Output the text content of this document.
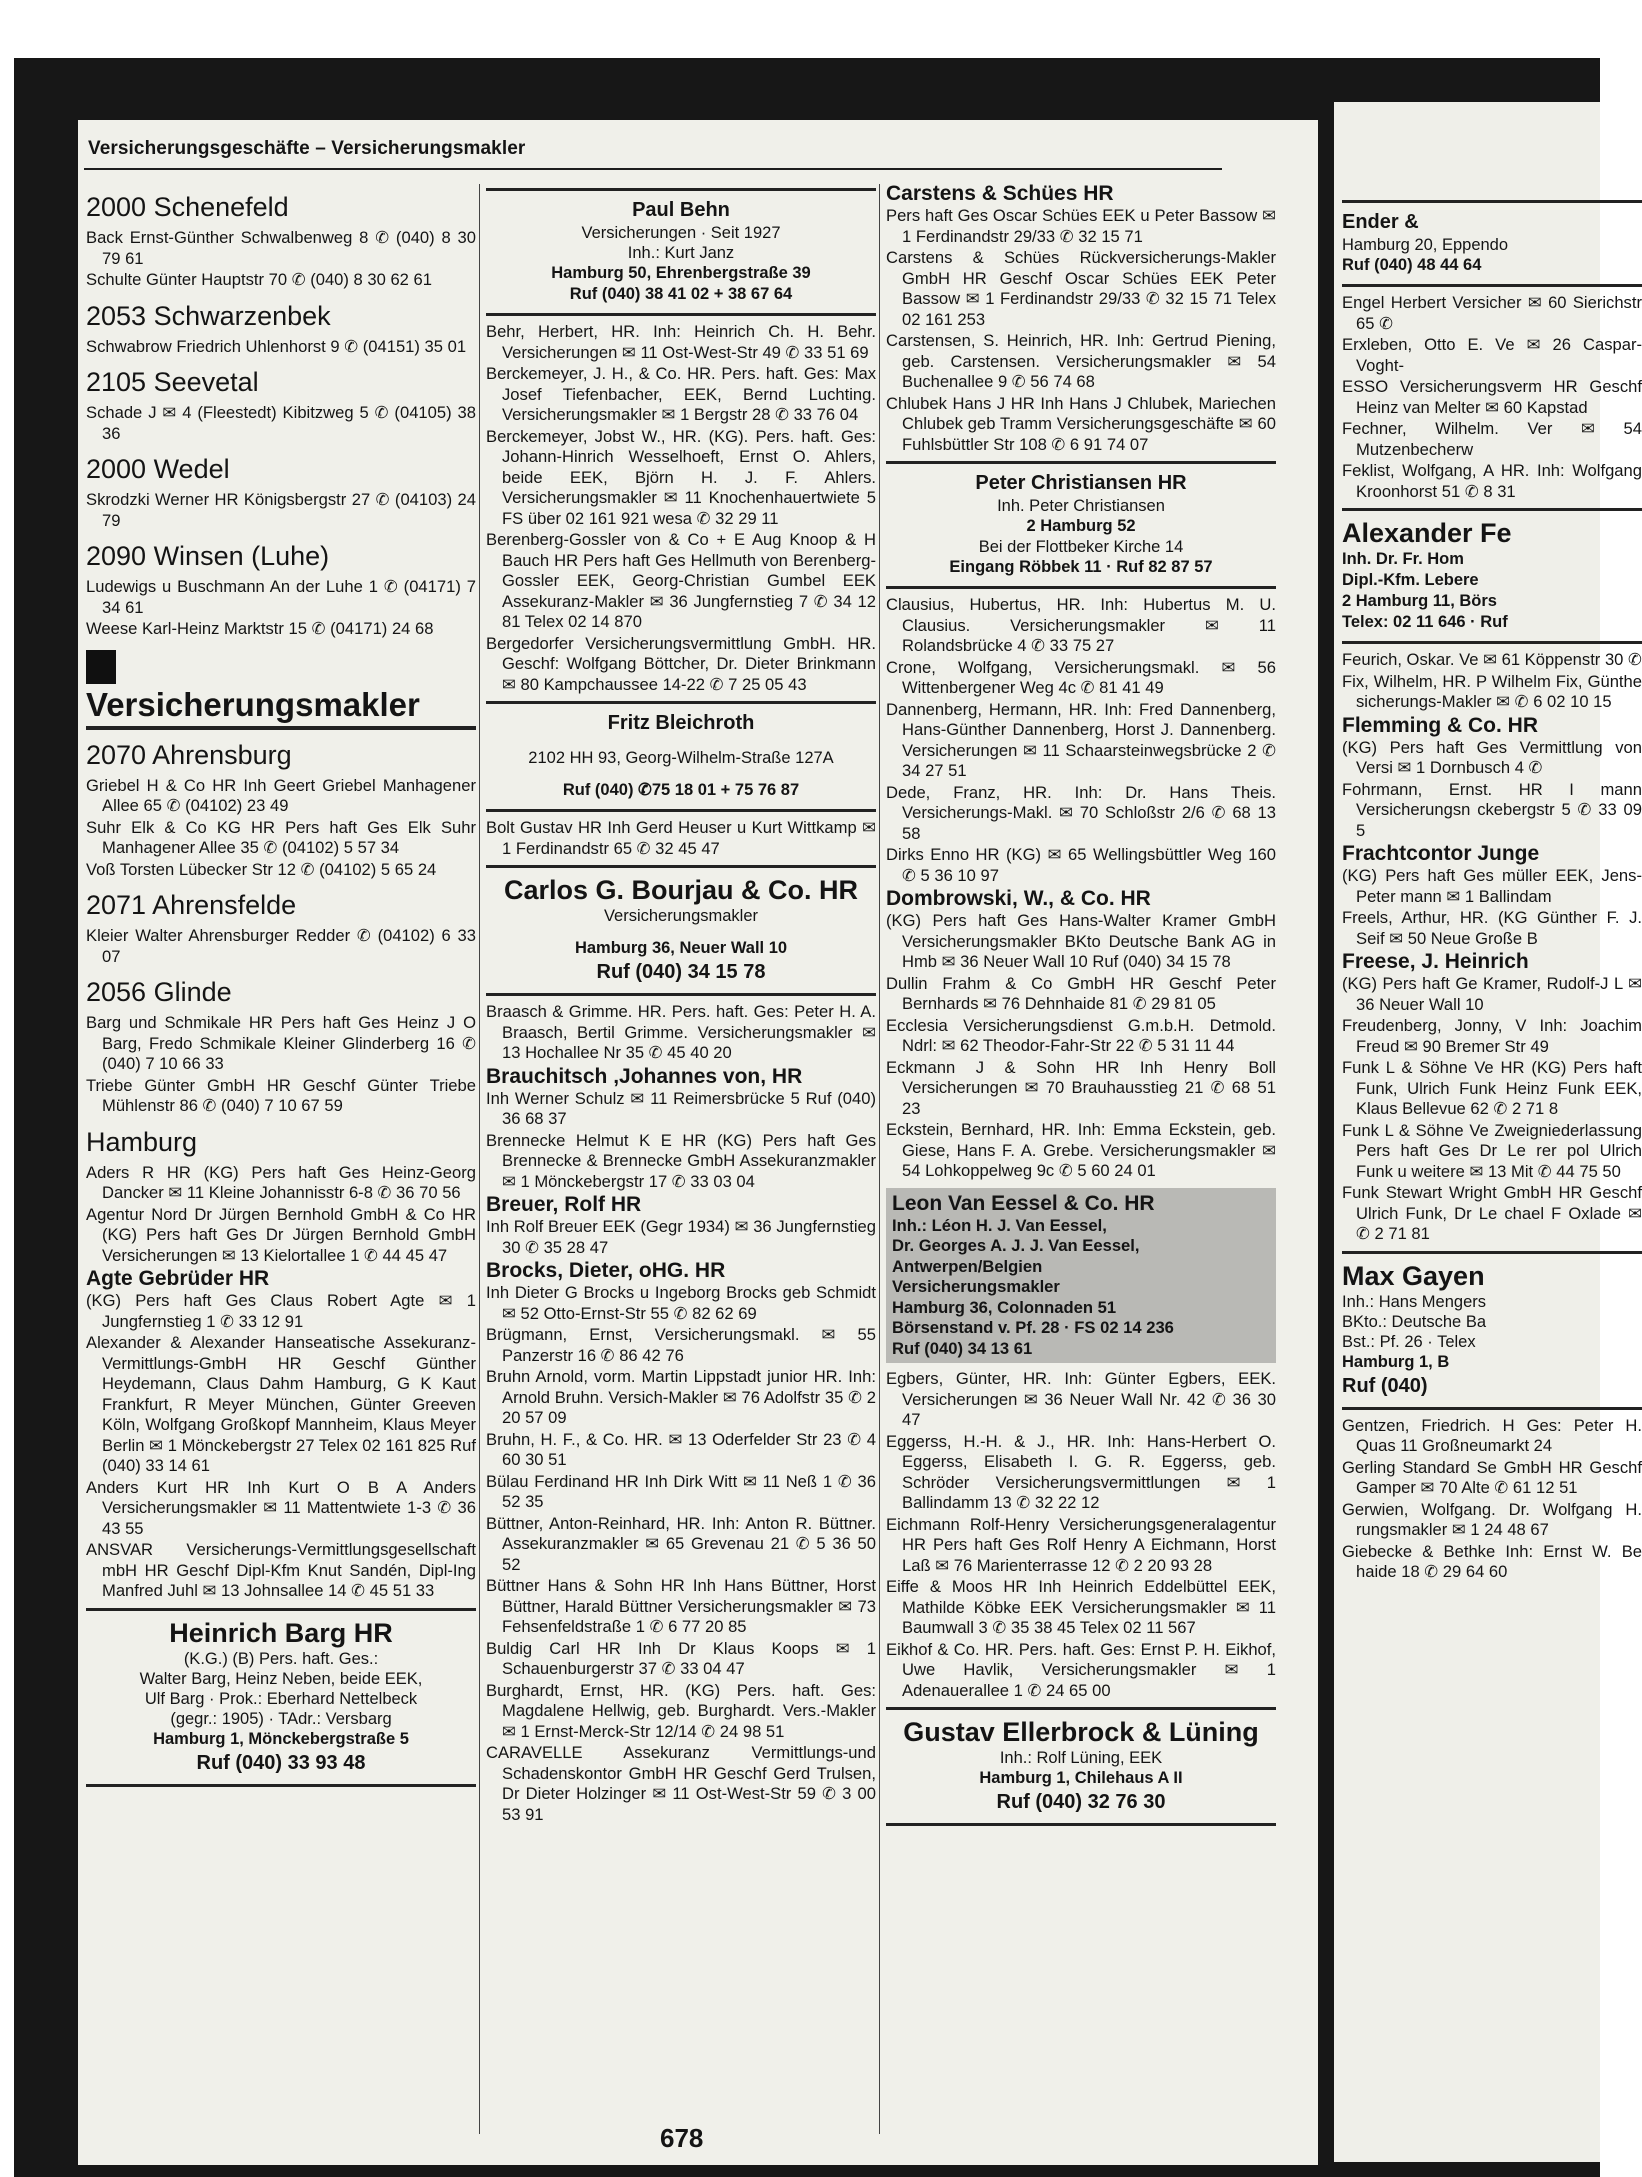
Versicherungsgeschäfte – Versicherungsmakler
2000 Schenefeld
Back Ernst-Günther Schwalbenweg 8 ✆ (040) 8 30 79 61
Schulte Günter Hauptstr 70 ✆ (040) 8 30 62 61
2053 Schwarzenbek
Schwabrow Friedrich Uhlenhorst 9 ✆ (04151) 35 01
2105 Seevetal
Schade J ✉ 4 (Fleestedt) Kibitzweg 5 ✆ (04105) 38 36
2000 Wedel
Skrodzki Werner HR Königsbergstr 27 ✆ (04103) 24 79
2090 Winsen (Luhe)
Ludewigs u Buschmann An der Luhe 1 ✆ (04171) 7 34 61
Weese Karl-Heinz Marktstr 15 ✆ (04171) 24 68
Versicherungsmakler
2070 Ahrensburg
Griebel H & Co HR Inh Geert Griebel Manhagener Allee 65 ✆ (04102) 23 49
Suhr Elk & Co KG HR Pers haft Ges Elk Suhr Manhagener Allee 35 ✆ (04102) 5 57 34
Voß Torsten Lübecker Str 12 ✆ (04102) 5 65 24
2071 Ahrensfelde
Kleier Walter Ahrensburger Redder ✆ (04102) 6 33 07
2056 Glinde
Barg und Schmikale HR Pers haft Ges Heinz J O Barg, Fredo Schmikale Kleiner Glinderberg 16 ✆ (040) 7 10 66 33
Triebe Günter GmbH HR Geschf Günter Triebe Mühlenstr 86 ✆ (040) 7 10 67 59
Hamburg
Aders R HR (KG) Pers haft Ges Heinz-Georg Dancker ✉ 11 Kleine Johannisstr 6-8 ✆ 36 70 56
Agentur Nord Dr Jürgen Bernhold GmbH & Co HR (KG) Pers haft Ges Dr Jürgen Bernhold GmbH Versicherungen ✉ 13 Kielortallee 1 ✆ 44 45 47
Agte Gebrüder HR
(KG) Pers haft Ges Claus Robert Agte ✉ 1 Jungfernstieg 1 ✆ 33 12 91
Alexander & Alexander Hanseatische Assekuranz-Vermittlungs-GmbH HR Geschf Günther Heydemann, Claus Dahm Hamburg, G K Kaut Frankfurt, R Meyer München, Günter Greeven Köln, Wolfgang Großkopf Mannheim, Klaus Meyer Berlin ✉ 1 Mönckebergstr 27 Telex 02 161 825 Ruf (040) 33 14 61
Anders Kurt HR Inh Kurt O B A Anders Versicherungsmakler ✉ 11 Mattentwiete 1-3 ✆ 36 43 55
ANSVAR Versicherungs-Vermittlungsgesellschaft mbH HR Geschf Dipl-Kfm Knut Sandén, Dipl-Ing Manfred Juhl ✉ 13 Johnsallee 14 ✆ 45 51 33
Heinrich Barg HR
(K.G.) (B) Pers. haft. Ges.:
Walter Barg, Heinz Neben, beide EEK,
Ulf Barg · Prok.: Eberhard Nettelbeck
(gegr.: 1905) · TAdr.: Versbarg
Hamburg 1, Mönckebergstraße 5
Ruf (040) 33 93 48
Paul Behn
Versicherungen · Seit 1927
Inh.: Kurt Janz
Hamburg 50, Ehrenbergstraße 39
Ruf (040) 38 41 02 + 38 67 64
Behr, Herbert, HR. Inh: Heinrich Ch. H. Behr. Versicherungen ✉ 11 Ost-West-Str 49 ✆ 33 51 69
Berckemeyer, J. H., & Co. HR. Pers. haft. Ges: Max Josef Tiefenbacher, EEK, Bernd Luchting. Versicherungsmakler ✉ 1 Bergstr 28 ✆ 33 76 04
Berckemeyer, Jobst W., HR. (KG). Pers. haft. Ges: Johann-Hinrich Wesselhoeft, Ernst O. Ahlers, beide EEK, Björn H. J. F. Ahlers. Versicherungsmakler ✉ 11 Knochenhauertwiete 5 FS über 02 161 921 wesa ✆ 32 29 11
Berenberg-Gossler von & Co + E Aug Knoop & H Bauch HR Pers haft Ges Hellmuth von Berenberg-Gossler EEK, Georg-Christian Gumbel EEK Assekuranz-Makler ✉ 36 Jungfernstieg 7 ✆ 34 12 81 Telex 02 14 870
Bergedorfer Versicherungsvermittlung GmbH. HR. Geschf: Wolfgang Böttcher, Dr. Dieter Brinkmann ✉ 80 Kampchaussee 14-22 ✆ 7 25 05 43
Fritz Bleichroth
2102 HH 93, Georg-Wilhelm-Straße 127A
Ruf (040) ✆75 18 01 + 75 76 87
Bolt Gustav HR Inh Gerd Heuser u Kurt Wittkamp ✉ 1 Ferdinandstr 65 ✆ 32 45 47
Carlos G. Bourjau & Co. HR
Versicherungsmakler
Hamburg 36, Neuer Wall 10
Ruf (040) 34 15 78
Braasch & Grimme. HR. Pers. haft. Ges: Peter H. A. Braasch, Bertil Grimme. Versicherungsmakler ✉ 13 Hochallee Nr 35 ✆ 45 40 20
Brauchitsch ,Johannes von, HR
Inh Werner Schulz ✉ 11 Reimersbrücke 5 Ruf (040) 36 68 37
Brennecke Helmut K E HR (KG) Pers haft Ges Brennecke & Brennecke GmbH Assekuranzmakler ✉ 1 Mönckebergstr 17 ✆ 33 03 04
Breuer, Rolf HR
Inh Rolf Breuer EEK (Gegr 1934) ✉ 36 Jungfernstieg 30 ✆ 35 28 47
Brocks, Dieter, oHG. HR
Inh Dieter G Brocks u Ingeborg Brocks geb Schmidt ✉ 52 Otto-Ernst-Str 55 ✆ 82 62 69
Brügmann, Ernst, Versicherungsmakl. ✉ 55 Panzerstr 16 ✆ 86 42 76
Bruhn Arnold, vorm. Martin Lippstadt junior HR. Inh: Arnold Bruhn. Versich-Makler ✉ 76 Adolfstr 35 ✆ 2 20 57 09
Bruhn, H. F., & Co. HR. ✉ 13 Oderfelder Str 23 ✆ 4 60 30 51
Bülau Ferdinand HR Inh Dirk Witt ✉ 11 Neß 1 ✆ 36 52 35
Büttner, Anton-Reinhard, HR. Inh: Anton R. Büttner. Assekuranzmakler ✉ 65 Grevenau 21 ✆ 5 36 50 52
Büttner Hans & Sohn HR Inh Hans Büttner, Horst Büttner, Harald Büttner Versicherungsmakler ✉ 73 Fehsenfeldstraße 1 ✆ 6 77 20 85
Buldig Carl HR Inh Dr Klaus Koops ✉ 1 Schauenburgerstr 37 ✆ 33 04 47
Burghardt, Ernst, HR. (KG) Pers. haft. Ges: Magdalene Hellwig, geb. Burghardt. Vers.-Makler ✉ 1 Ernst-Merck-Str 12/14 ✆ 24 98 51
CARAVELLE Assekuranz Vermittlungs-und Schadenskontor GmbH HR Geschf Gerd Trulsen, Dr Dieter Holzinger ✉ 11 Ost-West-Str 59 ✆ 3 00 53 91
Carstens & Schües HR
Pers haft Ges Oscar Schües EEK u Peter Bassow ✉ 1 Ferdinandstr 29/33 ✆ 32 15 71
Carstens & Schües Rückversicherungs-Makler GmbH HR Geschf Oscar Schües EEK Peter Bassow ✉ 1 Ferdinandstr 29/33 ✆ 32 15 71 Telex 02 161 253
Carstensen, S. Heinrich, HR. Inh: Gertrud Piening, geb. Carstensen. Versicherungsmakler ✉ 54 Buchenallee 9 ✆ 56 74 68
Chlubek Hans J HR Inh Hans J Chlubek, Mariechen Chlubek geb Tramm Versicherungsgeschäfte ✉ 60 Fuhlsbüttler Str 108 ✆ 6 91 74 07
Peter Christiansen HR
Inh. Peter Christiansen
2 Hamburg 52
Bei der Flottbeker Kirche 14
Eingang Röbbek 11 · Ruf 82 87 57
Clausius, Hubertus, HR. Inh: Hubertus M. U. Clausius. Versicherungsmakler ✉ 11 Rolandsbrücke 4 ✆ 33 75 27
Crone, Wolfgang, Versicherungsmakl. ✉ 56 Wittenbergener Weg 4c ✆ 81 41 49
Dannenberg, Hermann, HR. Inh: Fred Dannenberg, Hans-Günther Dannenberg, Horst J. Dannenberg. Versicherungen ✉ 11 Schaarsteinwegsbrücke 2 ✆ 34 27 51
Dede, Franz, HR. Inh: Dr. Hans Theis. Versicherungs-Makl. ✉ 70 Schloßstr 2/6 ✆ 68 13 58
Dirks Enno HR (KG) ✉ 65 Wellingsbüttler Weg 160 ✆ 5 36 10 97
Dombrowski, W., & Co. HR
(KG) Pers haft Ges Hans-Walter Kramer GmbH Versicherungsmakler BKto Deutsche Bank AG in Hmb ✉ 36 Neuer Wall 10 Ruf (040) 34 15 78
Dullin Frahm & Co GmbH HR Geschf Peter Bernhards ✉ 76 Dehnhaide 81 ✆ 29 81 05
Ecclesia Versicherungsdienst G.m.b.H. Detmold. Ndrl: ✉ 62 Theodor-Fahr-Str 22 ✆ 5 31 11 44
Eckmann J & Sohn HR Inh Henry Boll Versicherungen ✉ 70 Brauhausstieg 21 ✆ 68 51 23
Eckstein, Bernhard, HR. Inh: Emma Eckstein, geb. Giese, Hans F. A. Grebe. Versicherungsmakler ✉ 54 Lohkoppelweg 9c ✆ 5 60 24 01
Leon Van Eessel & Co. HR
Inh.: Léon H. J. Van Eessel,
Dr. Georges A. J. J. Van Eessel,
Antwerpen/Belgien
Versicherungsmakler
Hamburg 36, Colonnaden 51
Börsenstand v. Pf. 28 · FS 02 14 236
Ruf (040) 34 13 61
Egbers, Günter, HR. Inh: Günter Egbers, EEK. Versicherungen ✉ 36 Neuer Wall Nr. 42 ✆ 36 30 47
Eggerss, H.-H. & J., HR. Inh: Hans-Herbert O. Eggerss, Elisabeth I. G. R. Eggerss, geb. Schröder Versicherungsvermittlungen ✉ 1 Ballindamm 13 ✆ 32 22 12
Eichmann Rolf-Henry Versicherungsgeneralagentur HR Pers haft Ges Rolf Henry A Eichmann, Horst Laß ✉ 76 Marienterrasse 12 ✆ 2 20 93 28
Eiffe & Moos HR Inh Heinrich Eddelbüttel EEK, Mathilde Köbke EEK Versicherungsmakler ✉ 11 Baumwall 3 ✆ 35 38 45 Telex 02 11 567
Eikhof & Co. HR. Pers. haft. Ges: Ernst P. H. Eikhof, Uwe Havlik, Versicherungsmakler ✉ 1 Adenauerallee 1 ✆ 24 65 00
Gustav Ellerbrock & Lüning
Inh.: Rolf Lüning, EEK
Hamburg 1, Chilehaus A II
Ruf (040) 32 76 30
678
Ender &
Hamburg 20, Eppendo
Ruf (040) 48 44 64
Engel Herbert Versicher ✉ 60 Sierichstr 65 ✆
Erxleben, Otto E. Ve ✉ 26 Caspar-Voght-
ESSO Versicherungsverm HR Geschf Heinz van Melter ✉ 60 Kapstad
Fechner, Wilhelm. Ver ✉ 54 Mutzenbecherw
Feklist, Wolfgang, A HR. Inh: Wolfgang Kroonhorst 51 ✆ 8 31
Alexander Fe
Inh. Dr. Fr. Hom
Dipl.-Kfm. Lebere
2 Hamburg 11, Börs
Telex: 02 11 646 · Ruf
Feurich, Oskar. Ve ✉ 61 Köppenstr 30 ✆
Fix, Wilhelm, HR. P Wilhelm Fix, Günthe sicherungs-Makler ✉ ✆ 6 02 10 15
Flemming & Co. HR
(KG) Pers haft Ges Vermittlung von Versi ✉ 1 Dornbusch 4 ✆
Fohrmann, Ernst. HR I mann Versicherungsn ckebergstr 5 ✆ 33 09 5
Frachtcontor Junge
(KG) Pers haft Ges müller EEK, Jens-Peter mann ✉ 1 Ballindam
Freels, Arthur, HR. (KG Günther F. J. Seif ✉ 50 Neue Große B
Freese, J. Heinrich
(KG) Pers haft Ge Kramer, Rudolf-J L ✉ 36 Neuer Wall 10
Freudenberg, Jonny, V Inh: Joachim Freud ✉ 90 Bremer Str 49
Funk L & Söhne Ve HR (KG) Pers haft Funk, Ulrich Funk Heinz Funk EEK, Klaus Bellevue 62 ✆ 2 71 8
Funk L & Söhne Ve Zweigniederlassung Pers haft Ges Dr Le rer pol Ulrich Funk u weitere ✉ 13 Mit ✆ 44 75 50
Funk Stewart Wright GmbH HR Geschf Ulrich Funk, Dr Le chael F Oxlade ✉ ✆ 2 71 81
Max Gayen
Inh.: Hans Mengers
BKto.: Deutsche Ba
Bst.: Pf. 26 · Telex
Hamburg 1, B
Ruf (040)
Gentzen, Friedrich. H Ges: Peter H. Quas 11 Großneumarkt 24
Gerling Standard Se GmbH HR Geschf Gamper ✉ 70 Alte ✆ 61 12 51
Gerwien, Wolfgang. Dr. Wolfgang H. rungsmakler ✉ 1 24 48 67
Giebecke & Bethke Inh: Ernst W. Be haide 18 ✆ 29 64 60
